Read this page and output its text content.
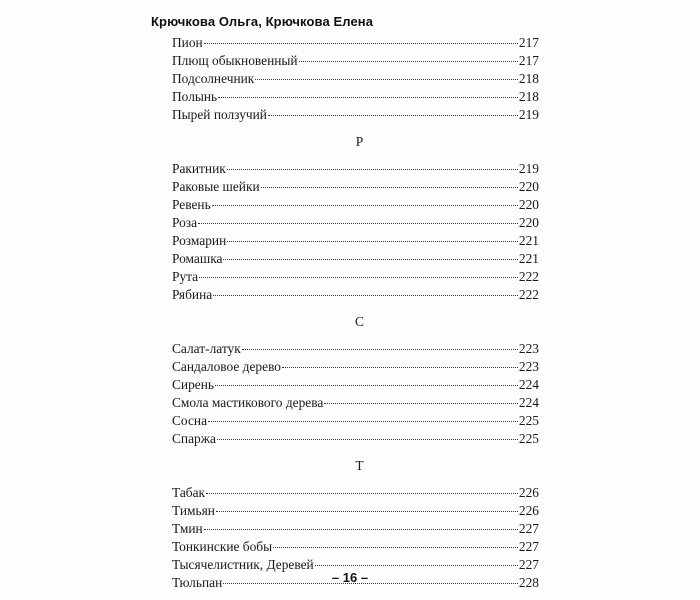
Крючкова Ольга, Крючкова Елена
Пион	217
Плющ обыкновенный	217
Подсолнечник	218
Полынь	218
Пырей ползучий	219
Р
Ракитник	219
Раковые шейки	220
Ревень	220
Роза	220
Розмарин	221
Ромашка	221
Рута	222
Рябина	222
С
Салат-латук	223
Сандаловое дерево	223
Сирень	224
Смола мастикового дерева	224
Сосна	225
Спаржа	225
Т
Табак	226
Тимьян	226
Тмин	227
Тонкинские бобы	227
Тысячелистник, Деревей	227
Тюльпан	228
– 16 –
